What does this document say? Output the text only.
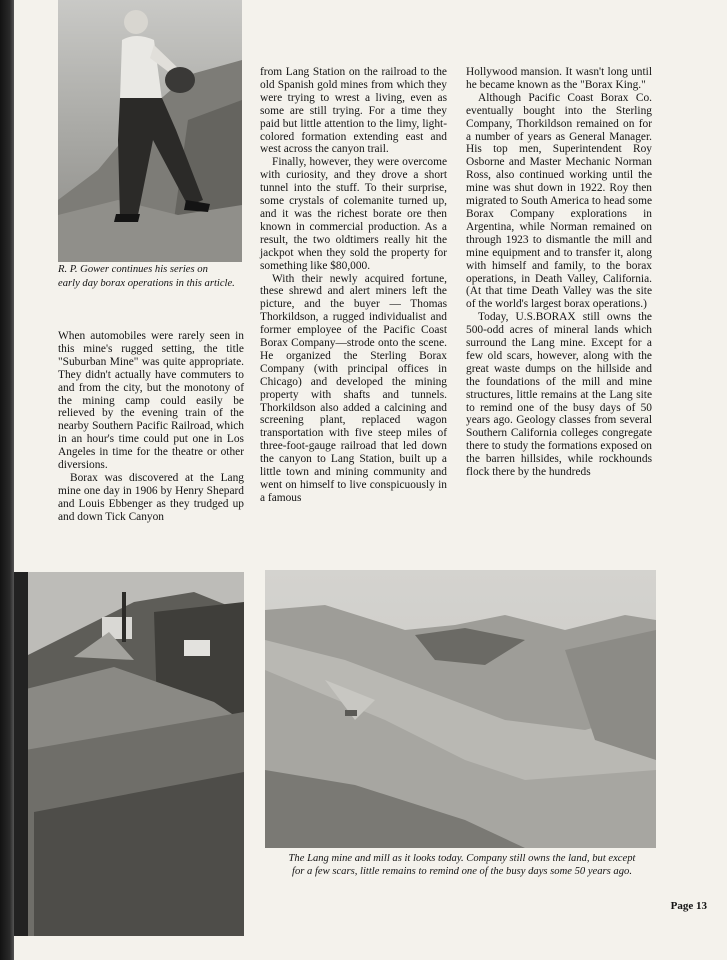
R. P. Gower continues his series on
early day borax operations in this article.

When automobiles were rarely seen in this mine's rugged setting, the title "Suburban Mine" was quite appropriate. They didn't actually have commuters to and from the city, but the monotony of the mining camp could easily be relieved by the evening train of the nearby Southern Pacific Railroad, which in an hour's time could put one in Los Angeles in time for the theatre or other diversions.

Borax was discovered at the Lang mine one day in 1906 by Henry Shepard and Louis Ebbenger as they trudged up and down Tick Canyon

from Lang Station on the railroad to the old Spanish gold mines from which they were trying to wrest a living, even as some are still trying. For a time they paid but little attention to the limy, light-colored formation extending east and west across the canyon trail.

Finally, however, they were overcome with curiosity, and they drove a short tunnel into the stuff. To their surprise, some crystals of colemanite turned up, and it was the richest borate ore then known in commercial production. As a result, the two oldtimers really hit the jackpot when they sold the property for something like $80,000.

With their newly acquired fortune, these shrewd and alert miners left the picture, and the buyer — Thomas Thorkildson, a rugged individualist and former employee of the Pacific Coast Borax Company—strode onto the scene. He organized the Sterling Borax Company (with principal offices in Chicago) and developed the mining property with shafts and tunnels. Thorkildson also added a calcining and screening plant, replaced wagon transportation with five steep miles of three-foot-gauge railroad that led down the canyon to Lang Station, built up a little town and mining community and went on himself to live conspicuously in a famous

Hollywood mansion. It wasn't long until he became known as the "Borax King."

Although Pacific Coast Borax Co. eventually bought into the Sterling Company, Thorkildson remained on for a number of years as General Manager. His top men, Superintendent Roy Osborne and Master Mechanic Norman Ross, also continued working until the mine was shut down in 1922. Roy then migrated to South America to head some Borax Company explorations in Argentina, while Norman remained on through 1923 to dismantle the mill and mine equipment and to transfer it, along with himself and family, to the borax operations, in Death Valley, California. (At that time Death Valley was the site of the world's largest borax operations.)

Today, U.S.BORAX still owns the 500-odd acres of mineral lands which surround the Lang mine. Except for a few old scars, however, along with the great waste dumps on the hillside and the foundations of the mill and mine structures, little remains at the Lang site to remind one of the busy days of 50 years ago. Geology classes from several Southern California colleges congregate there to study the formations exposed on the barren hillsides, while rockhounds flock there by the hundreds

The Lang mine and mill as it looks today. Company still owns the land, but except
for a few scars, little remains to remind one of the busy days some 50 years ago.
Page 13
